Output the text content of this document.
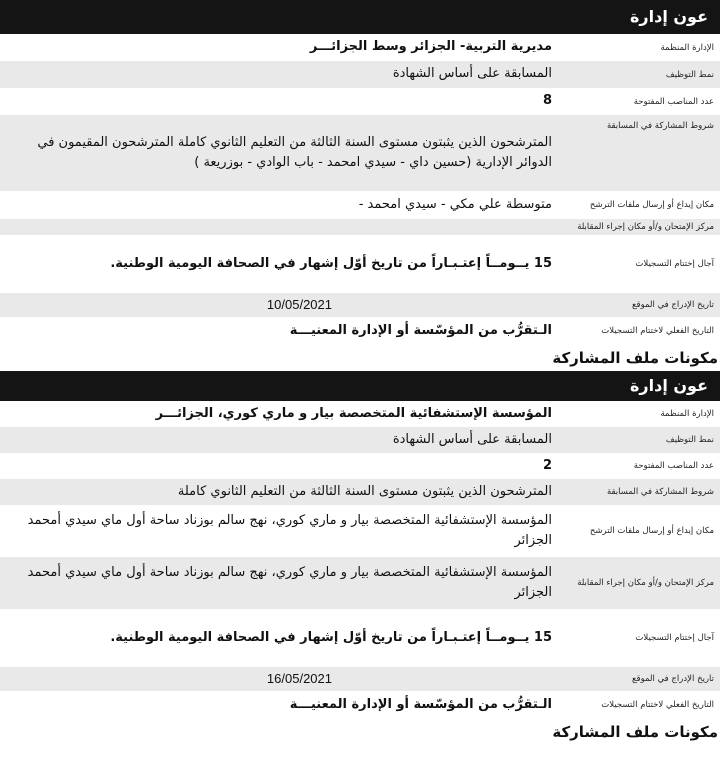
عون إدارة
الإدارة المنظمة	مديرية التربية- الجزائر وسط الجزائـــر
نمط التوظيف	المسابقة على أساس الشهادة
عدد المناصب المفتوحة	8
شروط المشاركة في المسابقة	المترشحون الذين يثبتون مستوى السنة الثالثة من التعليم الثانوي كاملة المترشحون المقيمون في الدوائر الإدارية (حسين داي - سيدي امحمد - باب الوادي - بوزريعة )
مكان إيداع أو إرسال ملفات الترشح	متوسطة علي مكي - سيدي امحمد -
مركز الإمتحان و/أو مكان إجراء المقابلة	
آجال إختتام التسجيلات	15 يــومــاً إعتـبـاراً من تاريخ أوّل إشهار في الصحافة اليومية الوطنية.
تاريخ الإدراج في الموقع	10/05/2021
التاريخ الفعلي لاختتام التسجيلات	الـتقرُّب من المؤسّسة أو الإدارة المعنيـــة
مكونات ملف المشاركة
عون إدارة
الإدارة المنظمة	المؤسسة الإستشفائية المتخصصة بيار و ماري كوري، الجزائـــر
نمط التوظيف	المسابقة على أساس الشهادة
عدد المناصب المفتوحة	2
شروط المشاركة في المسابقة	المترشحون الذين يثبتون مستوى السنة الثالثة من التعليم الثانوي كاملة
مكان إيداع أو إرسال ملفات الترشح	المؤسسة الإستشفائية المتخصصة بيار و ماري كوري، نهج سالم بوزناد ساحة أول ماي سيدي أمحمد الجزائر
مركز الإمتحان و/أو مكان إجراء المقابلة	المؤسسة الإستشفائية المتخصصة بيار و ماري كوري، نهج سالم بوزناد ساحة أول ماي سيدي أمحمد الجزائر
آجال إختتام التسجيلات	15 يــومــاً إعتـبـاراً من تاريخ أوّل إشهار في الصحافة اليومية الوطنية.
تاريخ الإدراج في الموقع	16/05/2021
التاريخ الفعلي لاختتام التسجيلات	الـتقرُّب من المؤسّسة أو الإدارة المعنيـــة
مكونات ملف المشاركة
